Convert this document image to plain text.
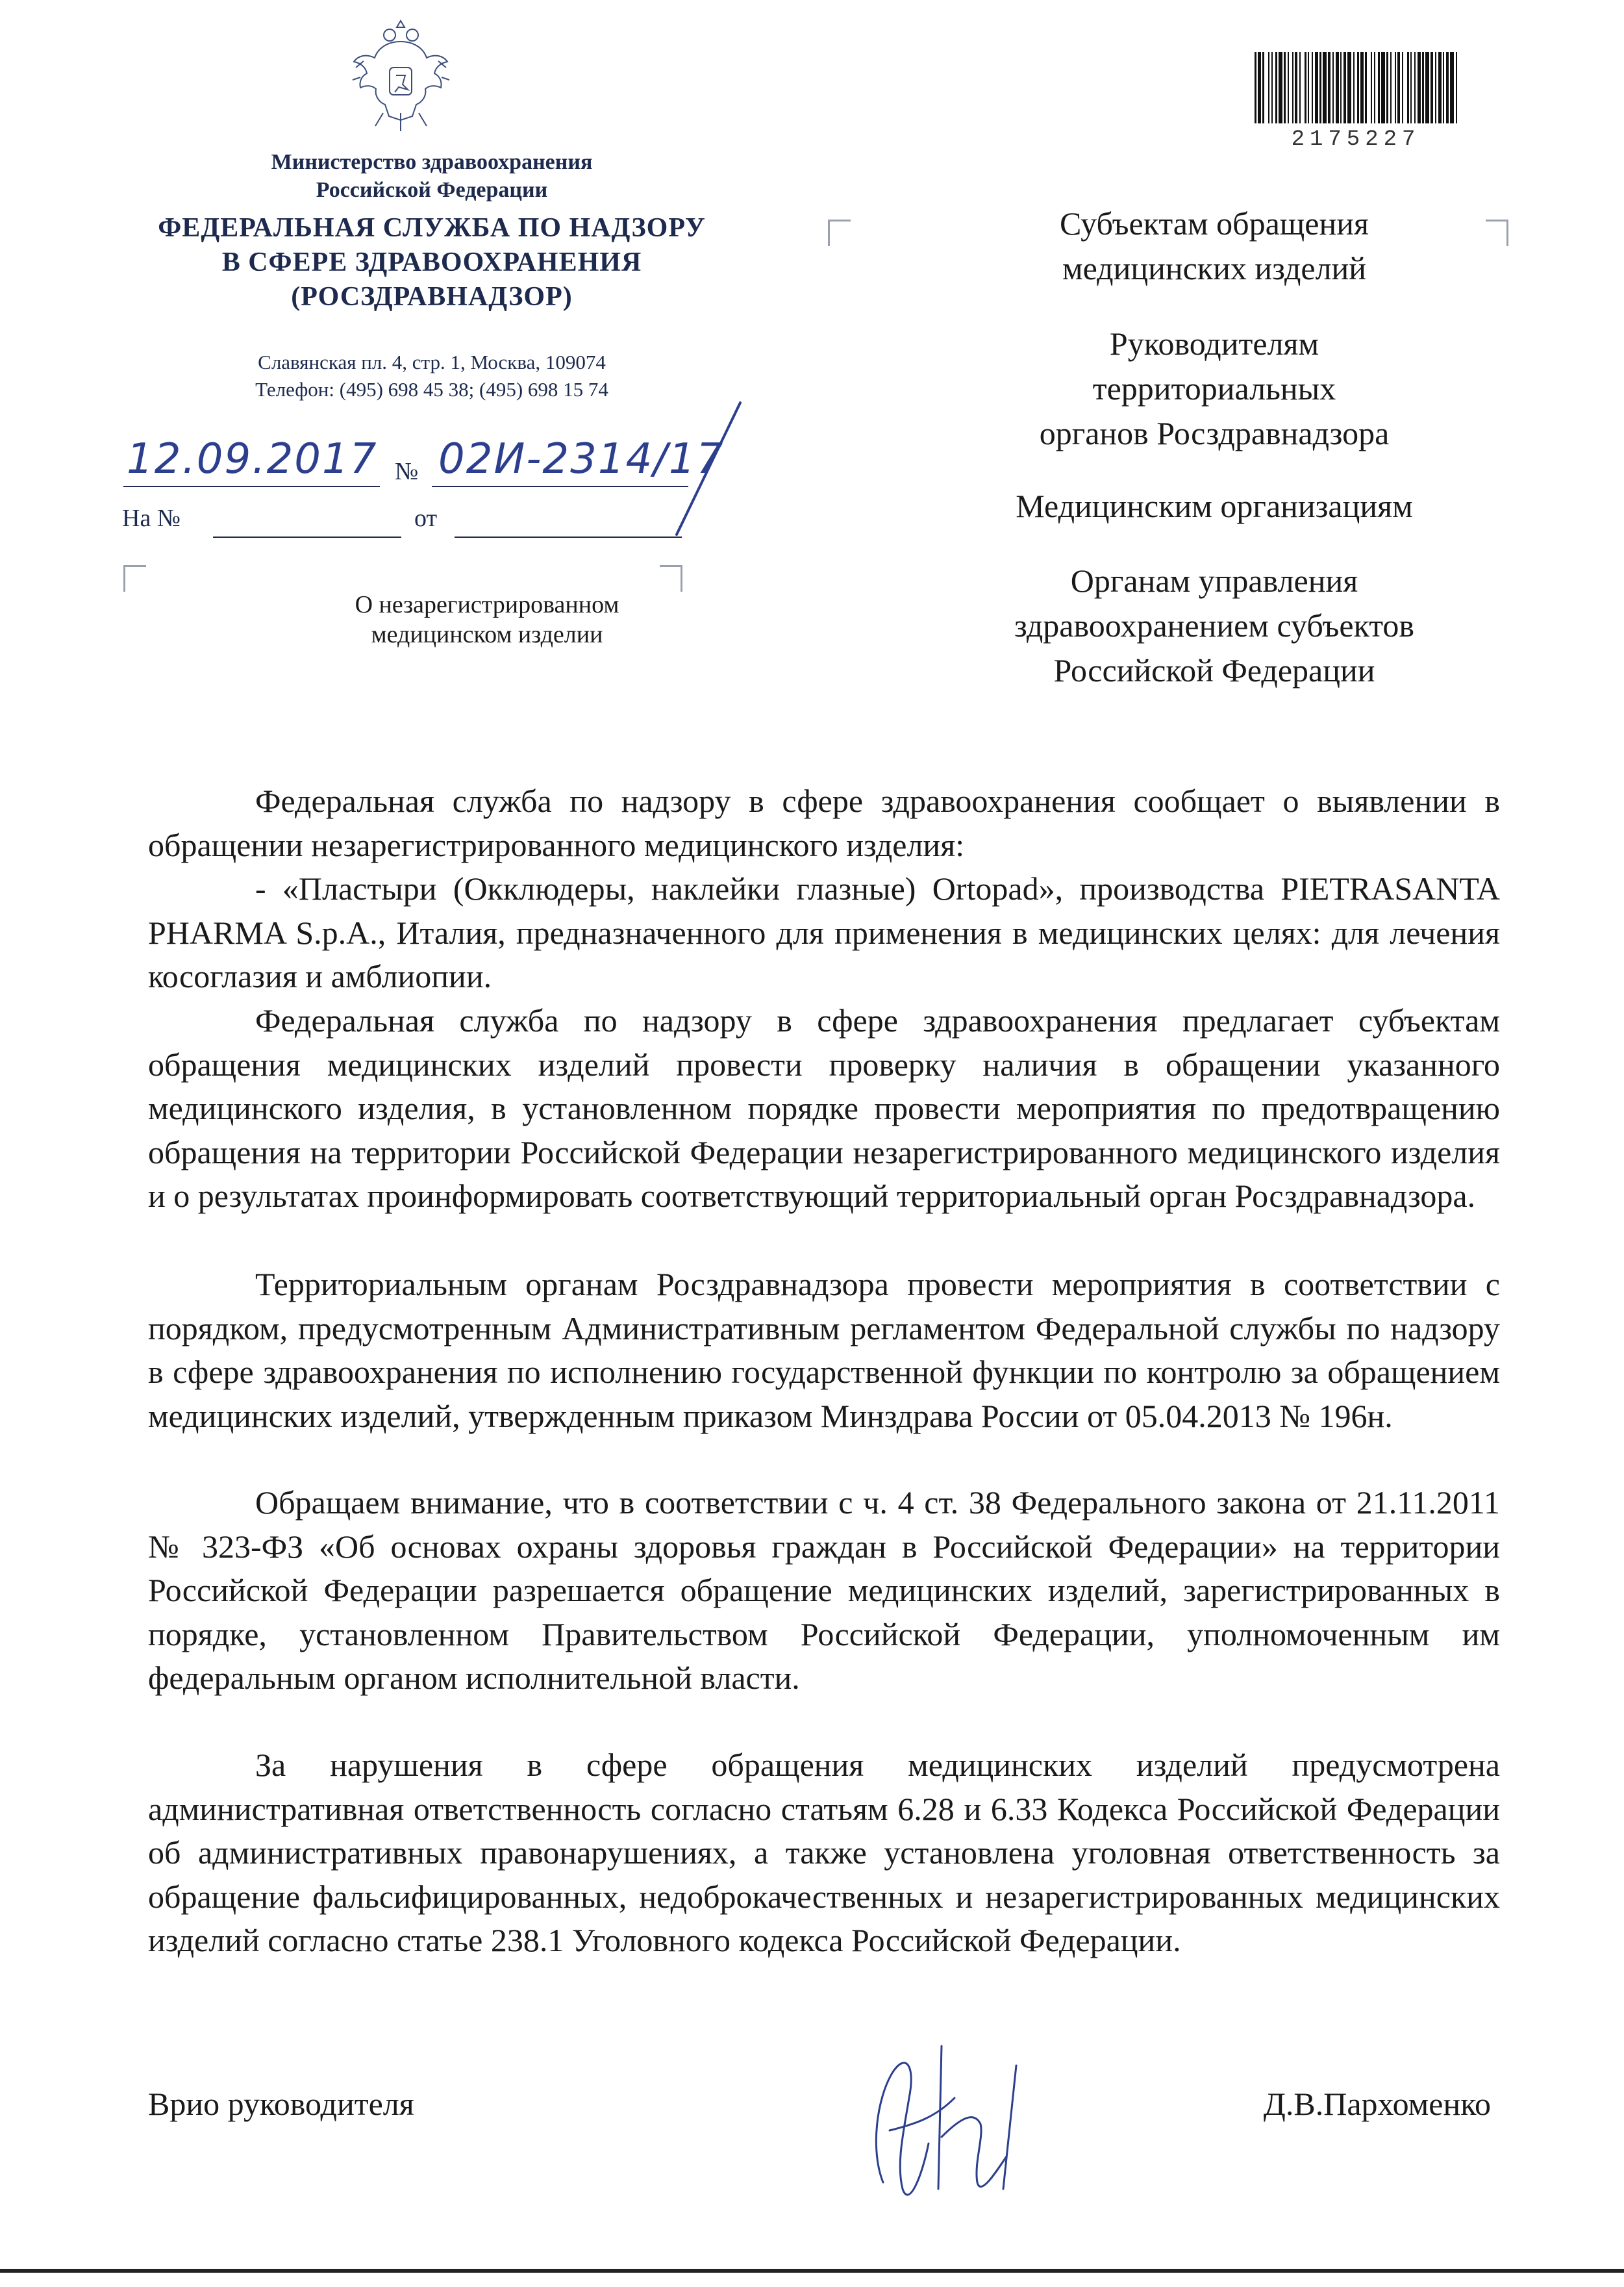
Министерство здравоохранения
Российской Федерации
ФЕДЕРАЛЬНАЯ СЛУЖБА ПО НАДЗОРУ
В СФЕРЕ ЗДРАВООХРАНЕНИЯ
(РОСЗДРАВНАДЗОР)
Славянская пл. 4, стр. 1, Москва, 109074
Телефон: (495) 698 45 38; (495) 698 15 74
12.09.2017 № 02И-2314/17
На №	от
О незарегистрированном
медицинском изделии
2175227
Субъектам обращения
медицинских изделий
Руководителям
территориальных
органов Росздравнадзора
Медицинским организациям
Органам управления
здравоохранением субъектов
Российской Федерации

Федеральная служба по надзору в сфере здравоохранения сообщает о выявлении в обращении незарегистрированного медицинского изделия:

- «Пластыри (Окклюдеры, наклейки глазные) Ortopad», производства PIETRASANTA PHARMA S.p.A., Италия, предназначенного для применения в медицинских целях: для лечения косоглазия и амблиопии.

Федеральная служба по надзору в сфере здравоохранения предлагает субъектам обращения медицинских изделий провести проверку наличия в обращении указанного медицинского изделия, в установленном порядке провести мероприятия по предотвращению обращения на территории Российской Федерации незарегистрированного медицинского изделия и о результатах проинформировать соответствующий территориальный орган Росздравнадзора.

Территориальным органам Росздравнадзора провести мероприятия в соответствии с порядком, предусмотренным Административным регламентом Федеральной службы по надзору в сфере здравоохранения по исполнению государственной функции по контролю за обращением медицинских изделий, утвержденным приказом Минздрава России от 05.04.2013 № 196н.

Обращаем внимание, что в соответствии с ч. 4 ст. 38 Федерального закона от 21.11.2011 № 323-ФЗ «Об основах охраны здоровья граждан в Российской Федерации» на территории Российской Федерации разрешается обращение медицинских изделий, зарегистрированных в порядке, установленном Правительством Российской Федерации, уполномоченным им федеральным органом исполнительной власти.

За нарушения в сфере обращения медицинских изделий предусмотрена административная ответственность согласно статьям 6.28 и 6.33 Кодекса Российской Федерации об административных правонарушениях, а также установлена уголовная ответственность за обращение фальсифицированных, недоброкачественных и незарегистрированных медицинских изделий согласно статье 238.1 Уголовного кодекса Российской Федерации.

Врио руководителя	Д.В.Пархоменко
